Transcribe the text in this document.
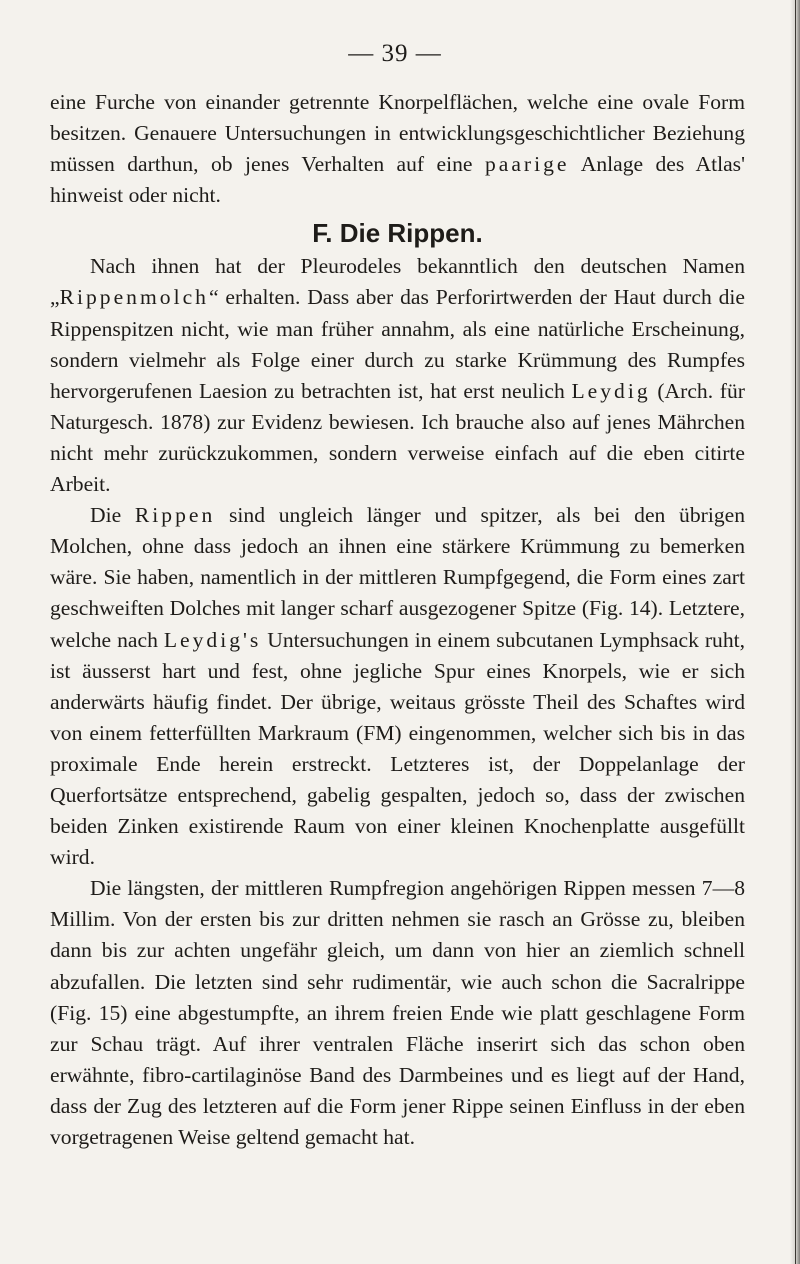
— 39 —

eine Furche von einander getrennte Knorpelflächen, welche eine ovale Form besitzen. Genauere Untersuchungen in entwicklungsgeschichtlicher Beziehung müssen darthun, ob jenes Verhalten auf eine paarige Anlage des Atlas' hinweist oder nicht.

F. Die Rippen.

Nach ihnen hat der Pleurodeles bekanntlich den deutschen Namen „Rippenmolch“ erhalten. Dass aber das Perforirtwerden der Haut durch die Rippenspitzen nicht, wie man früher annahm, als eine natürliche Erscheinung, sondern vielmehr als Folge einer durch zu starke Krümmung des Rumpfes hervorgerufenen Laesion zu betrachten ist, hat erst neulich Leydig (Arch. für Naturgesch. 1878) zur Evidenz bewiesen. Ich brauche also auf jenes Mährchen nicht mehr zurückzukommen, sondern verweise einfach auf die eben citirte Arbeit.

Die Rippen sind ungleich länger und spitzer, als bei den übrigen Molchen, ohne dass jedoch an ihnen eine stärkere Krümmung zu bemerken wäre. Sie haben, namentlich in der mittleren Rumpfgegend, die Form eines zart geschweiften Dolches mit langer scharf ausgezogener Spitze (Fig. 14). Letztere, welche nach Leydig's Untersuchungen in einem subcutanen Lymphsack ruht, ist äusserst hart und fest, ohne jegliche Spur eines Knorpels, wie er sich anderwärts häufig findet. Der übrige, weitaus grösste Theil des Schaftes wird von einem fetterfüllten Markraum (FM) eingenommen, welcher sich bis in das proximale Ende herein erstreckt. Letzteres ist, der Doppelanlage der Querfortsätze entsprechend, gabelig gespalten, jedoch so, dass der zwischen beiden Zinken existirende Raum von einer kleinen Knochenplatte ausgefüllt wird.

Die längsten, der mittleren Rumpfregion angehörigen Rippen messen 7—8 Millim. Von der ersten bis zur dritten nehmen sie rasch an Grösse zu, bleiben dann bis zur achten ungefähr gleich, um dann von hier an ziemlich schnell abzufallen. Die letzten sind sehr rudimentär, wie auch schon die Sacralrippe (Fig. 15) eine abgestumpfte, an ihrem freien Ende wie platt geschlagene Form zur Schau trägt. Auf ihrer ventralen Fläche inserirt sich das schon oben erwähnte, fibro-cartilaginöse Band des Darmbeines und es liegt auf der Hand, dass der Zug des letzteren auf die Form jener Rippe seinen Einfluss in der eben vorgetragenen Weise geltend gemacht hat.
